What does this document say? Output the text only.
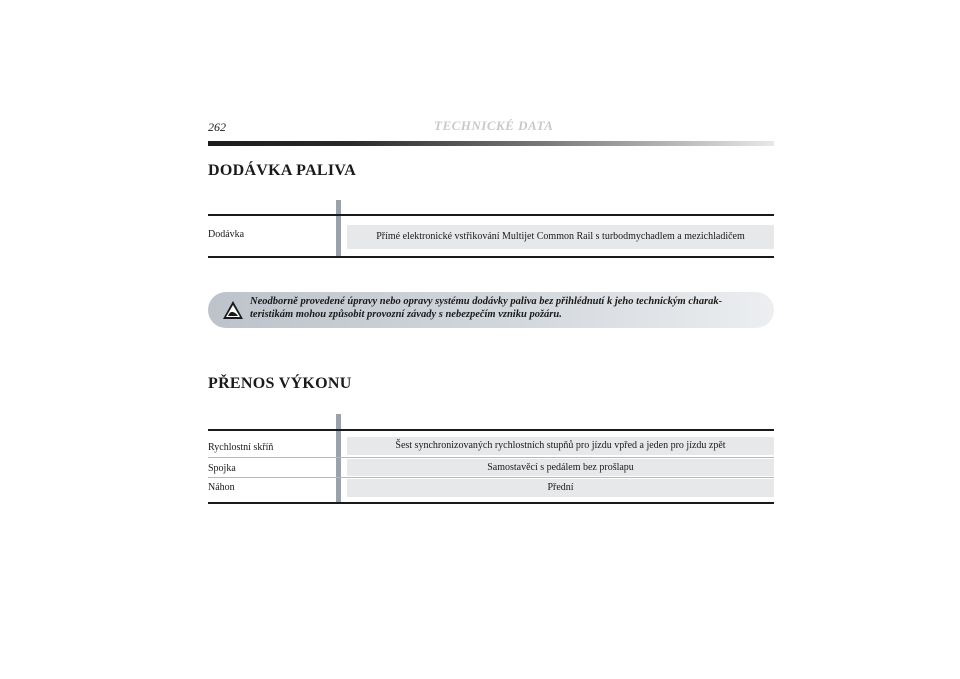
262	TECHNICKÉ DATA
DODÁVKA PALIVA
Dodávka	Přímé elektronické vstřikování Multijet Common Rail s turbodmychadlem a mezichladičem
Neodborně provedené úpravy nebo opravy systému dodávky paliva bez přihlédnutí k jeho technickým charak-
teristikám mohou způsobit provozní závady s nebezpečím vzniku požáru.
PŘENOS VÝKONU
Rychlostní skříň	Šest synchronizovaných rychlostních stupňů pro jízdu vpřed a jeden pro jízdu zpět
Spojka	Samostavěcí s pedálem bez prošlapu
Náhon	Přední
